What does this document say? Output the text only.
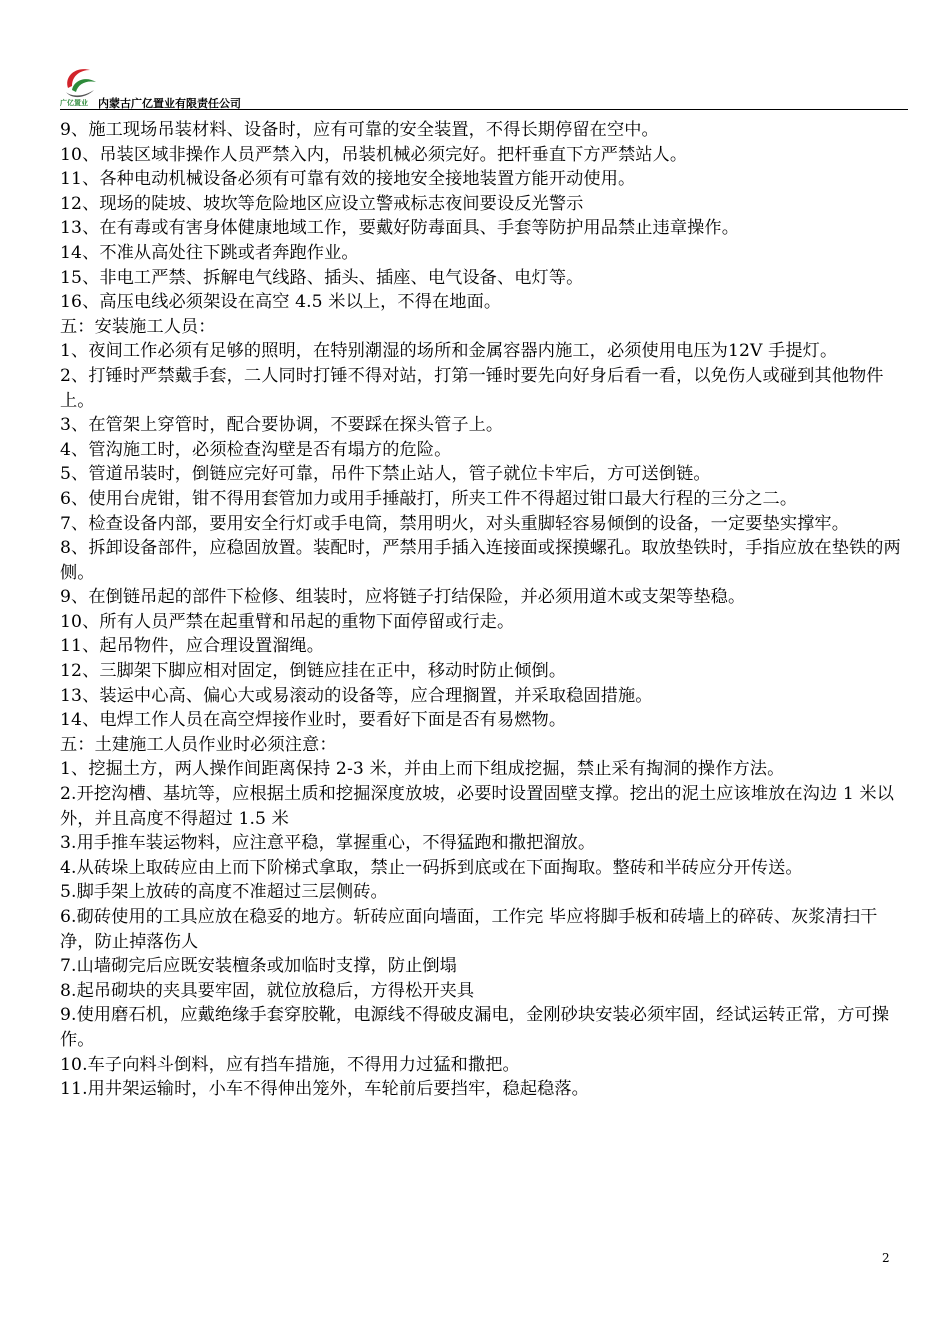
广亿置业 内蒙古广亿置业有限责任公司

9、施工现场吊装材料、设备时，应有可靠的安全装置，不得长期停留在空中。

10、吊装区域非操作人员严禁入内，吊装机械必须完好。把杆垂直下方严禁站人。

11、各种电动机械设备必须有可靠有效的接地安全接地装置方能开动使用。

12、现场的陡坡、坡坎等危险地区应设立警戒标志夜间要设反光警示

13、在有毒或有害身体健康地域工作，要戴好防毒面具、手套等防护用品禁止违章操作。

14、不准从高处往下跳或者奔跑作业。

15、非电工严禁、拆解电气线路、插头、插座、电气设备、电灯等。

16、高压电线必须架设在高空 4.5 米以上，不得在地面。

五：安装施工人员：

1、夜间工作必须有足够的照明，在特别潮湿的场所和金属容器内施工，必须使用电压为12V 手提灯。

2、打锤时严禁戴手套，二人同时打锤不得对站，打第一锤时要先向好身后看一看，以免伤人或碰到其他物件上。

3、在管架上穿管时，配合要协调，不要踩在探头管子上。

4、管沟施工时，必须检查沟壁是否有塌方的危险。

5、管道吊装时，倒链应完好可靠，吊件下禁止站人，管子就位卡牢后，方可送倒链。

6、使用台虎钳，钳不得用套管加力或用手捶敲打，所夹工件不得超过钳口最大行程的三分之二。

7、检查设备内部，要用安全行灯或手电筒，禁用明火，对头重脚轻容易倾倒的设备，一定要垫实撑牢。

8、拆卸设备部件，应稳固放置。装配时，严禁用手插入连接面或探摸螺孔。取放垫铁时，手指应放在垫铁的两侧。

9、在倒链吊起的部件下检修、组装时，应将链子打结保险，并必须用道木或支架等垫稳。

10、所有人员严禁在起重臂和吊起的重物下面停留或行走。

11、起吊物件，应合理设置溜绳。

12、三脚架下脚应相对固定，倒链应挂在正中，移动时防止倾倒。

13、装运中心高、偏心大或易滚动的设备等，应合理搁置，并采取稳固措施。

14、电焊工作人员在高空焊接作业时，要看好下面是否有易燃物。

五：土建施工人员作业时必须注意：

1、挖掘土方，两人操作间距离保持 2-3 米，并由上而下组成挖掘，禁止采有掏洞的操作方法。

2.开挖沟槽、基坑等，应根据土质和挖掘深度放坡，必要时设置固壁支撑。挖出的泥土应该堆放在沟边 1 米以外，并且高度不得超过 1.5 米

3.用手推车装运物料，应注意平稳，掌握重心，不得猛跑和撒把溜放。

4.从砖垛上取砖应由上而下阶梯式拿取，禁止一码拆到底或在下面掏取。整砖和半砖应分开传送。

5.脚手架上放砖的高度不准超过三层侧砖。

6.砌砖使用的工具应放在稳妥的地方。斩砖应面向墙面，工作完 毕应将脚手板和砖墙上的碎砖、灰浆清扫干净，防止掉落伤人

7.山墙砌完后应既安装檀条或加临时支撑，防止倒塌

8.起吊砌块的夹具要牢固，就位放稳后，方得松开夹具

9.使用磨石机，应戴绝缘手套穿胶靴，电源线不得破皮漏电，金刚砂块安装必须牢固，经试运转正常，方可操作。

10.车子向料斗倒料，应有挡车措施，不得用力过猛和撒把。

11.用井架运输时，小车不得伸出笼外，车轮前后要挡牢，稳起稳落。

2
